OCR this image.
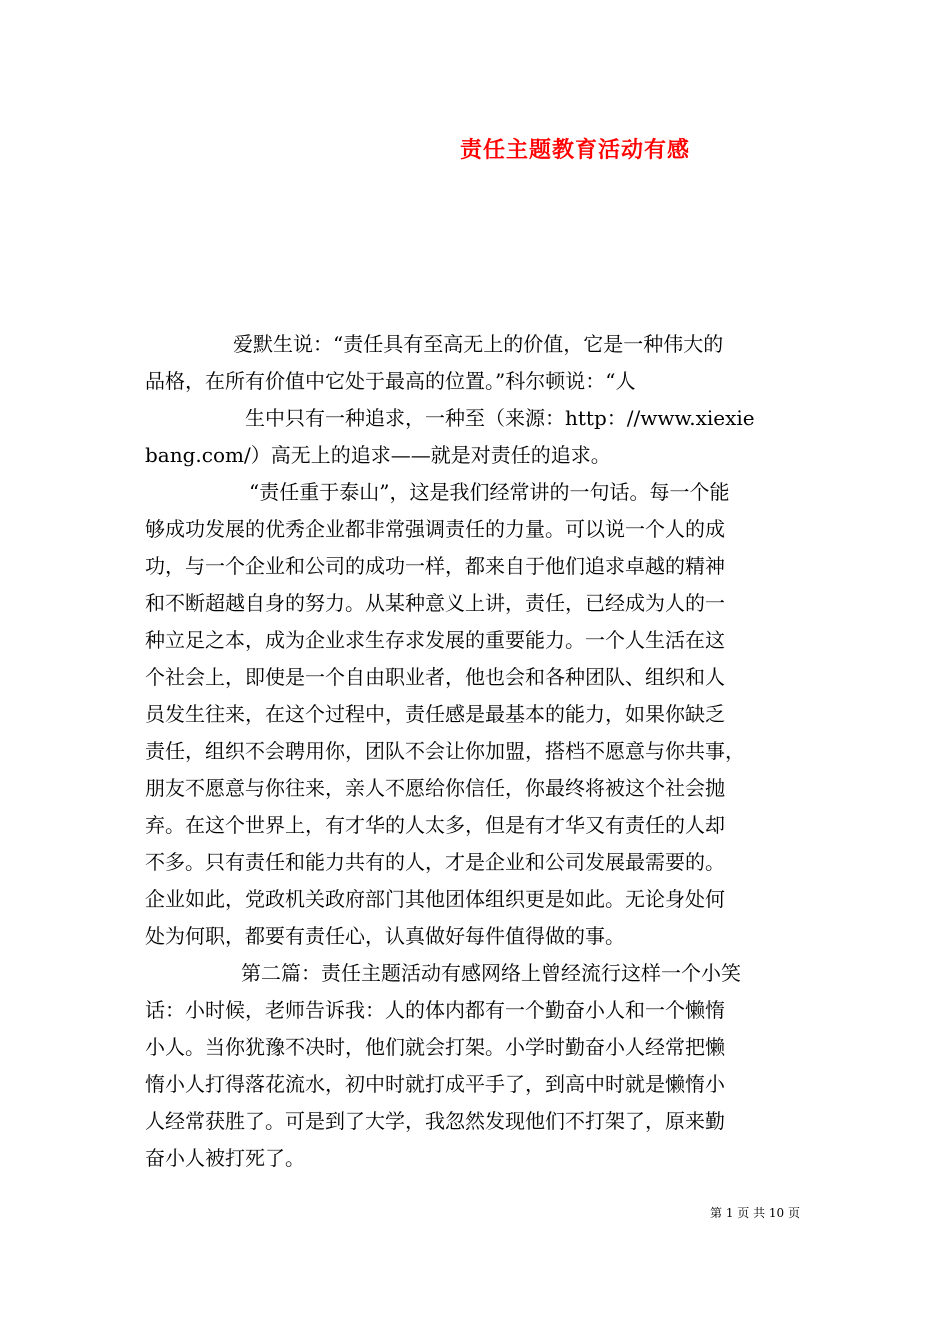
责任主题教育活动有感

爱默生说：“责任具有至高无上的价值，它是一种伟大的
品格，在所有价值中它处于最高的位置。”科尔顿说：“人

生中只有一种追求，一种至（来源：http：//www.xiexie
bang.com/）高无上的追求——就是对责任的追求。

“责任重于泰山”，这是我们经常讲的一句话。每一个能
够成功发展的优秀企业都非常强调责任的力量。可以说一个人的成
功，与一个企业和公司的成功一样，都来自于他们追求卓越的精神
和不断超越自身的努力。从某种意义上讲，责任，已经成为人的一
种立足之本，成为企业求生存求发展的重要能力。一个人生活在这
个社会上，即使是一个自由职业者，他也会和各种团队、组织和人
员发生往来，在这个过程中，责任感是最基本的能力，如果你缺乏
责任，组织不会聘用你，团队不会让你加盟，搭档不愿意与你共事，
朋友不愿意与你往来，亲人不愿给你信任，你最终将被这个社会抛
弃。在这个世界上，有才华的人太多，但是有才华又有责任的人却
不多。只有责任和能力共有的人，才是企业和公司发展最需要的。
企业如此，党政机关政府部门其他团体组织更是如此。无论身处何
处为何职，都要有责任心，认真做好每件值得做的事。

第二篇：责任主题活动有感网络上曾经流行这样一个小笑
话：小时候，老师告诉我：人的体内都有一个勤奋小人和一个懒惰
小人。当你犹豫不决时，他们就会打架。小学时勤奋小人经常把懒
惰小人打得落花流水，初中时就打成平手了，到高中时就是懒惰小
人经常获胜了。可是到了大学，我忽然发现他们不打架了，原来勤
奋小人被打死了。

第 1 页 共 10 页
